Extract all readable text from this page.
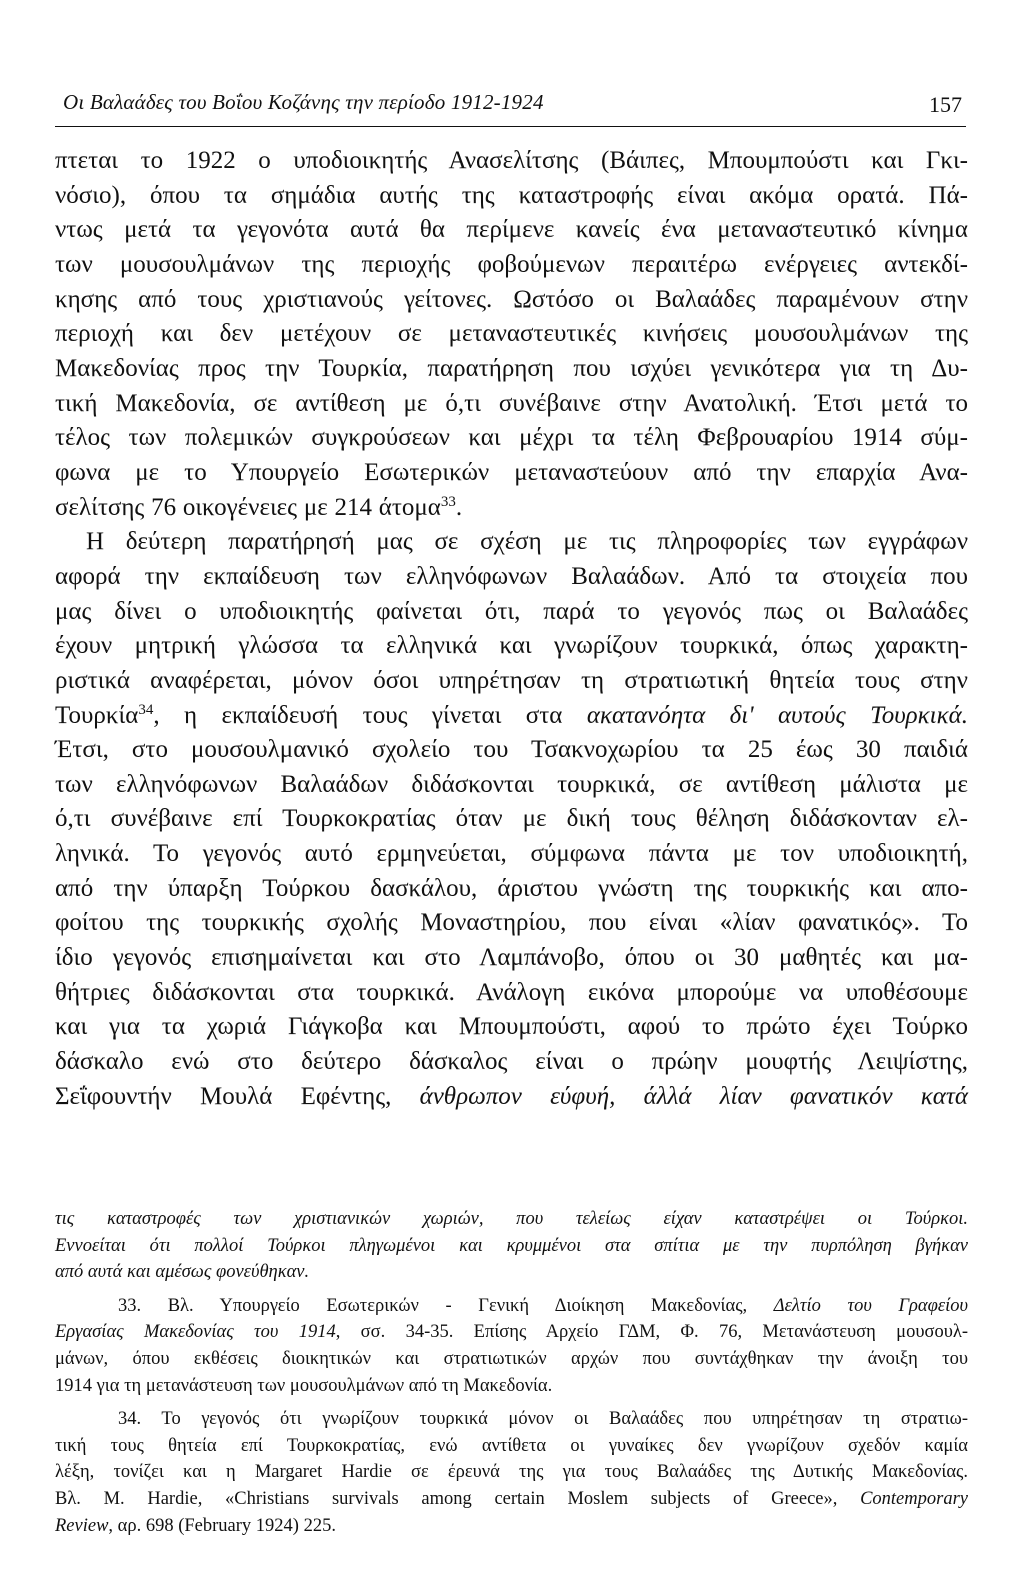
Οι Βαλαάδες του Βοΐου Κοζάνης την περίοδο 1912-1924	157

πτεται το 1922 ο υποδιοικητής Ανασελίτσης (Βάιπες, Μπουμπούστι και Γκι-

νόσιο), όπου τα σημάδια αυτής της καταστροφής είναι ακόμα ορατά. Πά-

ντως μετά τα γεγονότα αυτά θα περίμενε κανείς ένα μεταναστευτικό κίνημα

των μουσουλμάνων της περιοχής φοβούμενων περαιτέρω ενέργειες αντεκδί-

κησης από τους χριστιανούς γείτονες. Ωστόσο οι Βαλαάδες παραμένουν στην

περιοχή και δεν μετέχουν σε μεταναστευτικές κινήσεις μουσουλμάνων της

Μακεδονίας προς την Τουρκία, παρατήρηση που ισχύει γενικότερα για τη Δυ-

τική Μακεδονία, σε αντίθεση με ό,τι συνέβαινε στην Ανατολική. Έτσι μετά το

τέλος των πολεμικών συγκρούσεων και μέχρι τα τέλη Φεβρουαρίου 1914 σύμ-

φωνα με το Υπουργείο Εσωτερικών μεταναστεύουν από την επαρχία Ανα-

σελίτσης 76 οικογένειες με 214 άτομα$^{33}$.

Η δεύτερη παρατήρησή μας σε σχέση με τις πληροφορίες των εγγράφων

αφορά την εκπαίδευση των ελληνόφωνων Βαλαάδων. Από τα στοιχεία που

μας δίνει ο υποδιοικητής φαίνεται ότι, παρά το γεγονός πως οι Βαλαάδες

έχουν μητρική γλώσσα τα ελληνικά και γνωρίζουν τουρκικά, όπως χαρακτη-

ριστικά αναφέρεται, μόνον όσοι υπηρέτησαν τη στρατιωτική θητεία τους στην

Τουρκία$^{34}$, η εκπαίδευσή τους γίνεται στα ακατανόητα δι' αυτούς Τουρκικά.

Έτσι, στο μουσουλμανικό σχολείο του Τσακνοχωρίου τα 25 έως 30 παιδιά

των ελληνόφωνων Βαλαάδων διδάσκονται τουρκικά, σε αντίθεση μάλιστα με

ό,τι συνέβαινε επί Τουρκοκρατίας όταν με δική τους θέληση διδάσκονταν ελ-

ληνικά. Το γεγονός αυτό ερμηνεύεται, σύμφωνα πάντα με τον υποδιοικητή,

από την ύπαρξη Τούρκου δασκάλου, άριστου γνώστη της τουρκικής και απο-

φοίτου της τουρκικής σχολής Μοναστηρίου, που είναι «λίαν φανατικός». Το

ίδιο γεγονός επισημαίνεται και στο Λαμπάνοβο, όπου οι 30 μαθητές και μα-

θήτριες διδάσκονται στα τουρκικά. Ανάλογη εικόνα μπορούμε να υποθέσουμε

και για τα χωριά Γιάγκοβα και Μπουμπούστι, αφού το πρώτο έχει Τούρκο

δάσκαλο ενώ στο δεύτερο δάσκαλος είναι ο πρώην μουφτής Λειψίστης,

Σεΐφουντήν Μουλά Εφέντης, άνθρωπον εύφυή, άλλά λίαν φανατικόν κατά

τις καταστροφές των χριστιανικών χωριών, που τελείως είχαν καταστρέψει οι Τούρκοι.

Εννοείται ότι πολλοί Τούρκοι πληγωμένοι και κρυμμένοι στα σπίτια με την πυρπόληση βγήκαν

από αυτά και αμέσως φονεύθηκαν.

33. Βλ. Υπουργείο Εσωτερικών - Γενική Διοίκηση Μακεδονίας, Δελτίο του Γραφείου

Εργασίας Μακεδονίας του 1914, σσ. 34-35. Επίσης Αρχείο ΓΔΜ, Φ. 76, Μετανάστευση μουσουλ-

μάνων, όπου εκθέσεις διοικητικών και στρατιωτικών αρχών που συντάχθηκαν την άνοιξη του

1914 για τη μετανάστευση των μουσουλμάνων από τη Μακεδονία.

34. Το γεγονός ότι γνωρίζουν τουρκικά μόνον οι Βαλαάδες που υπηρέτησαν τη στρατιω-

τική τους θητεία επί Τουρκοκρατίας, ενώ αντίθετα οι γυναίκες δεν γνωρίζουν σχεδόν καμία

λέξη, τονίζει και η Margaret Hardie σε έρευνά της για τους Βαλαάδες της Δυτικής Μακεδονίας.

Βλ. M. Hardie, «Christians survivals among certain Moslem subjects of Greece», Contemporary

Review, αρ. 698 (February 1924) 225.
